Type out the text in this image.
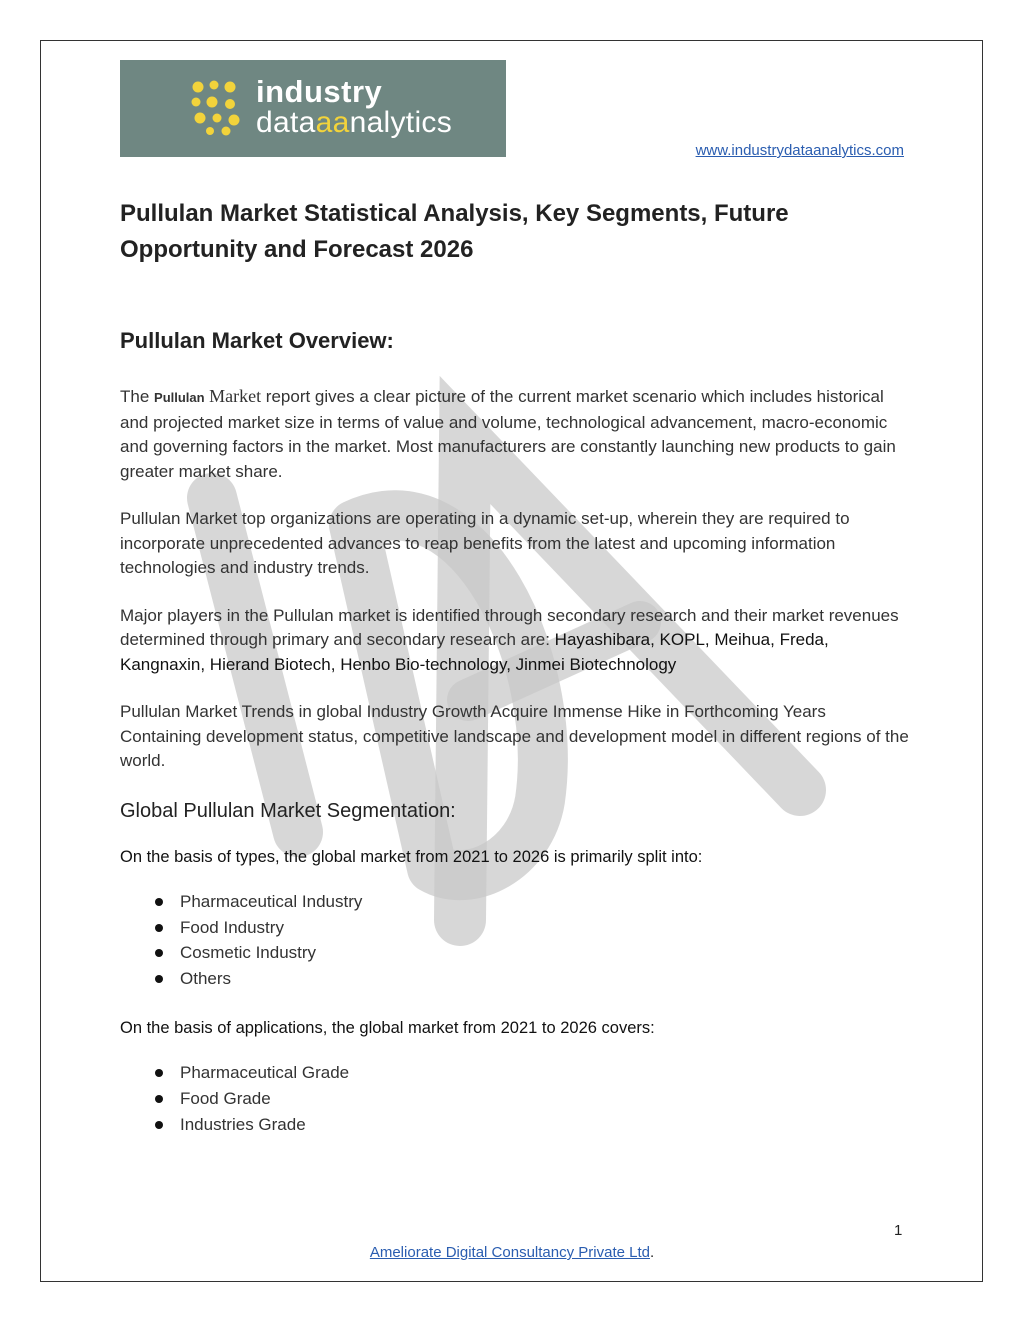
industry
dataaanalytics
www.industrydataanalytics.com
Pullulan Market Statistical Analysis, Key Segments, Future Opportunity and Forecast 2026
Pullulan Market Overview:

The Pullulan Market report gives a clear picture of the current market scenario which includes historical and projected market size in terms of value and volume, technological advancement, macro-economic and governing factors in the market. Most manufacturers are constantly launching new products to gain greater market share.

Pullulan Market top organizations are operating in a dynamic set-up, wherein they are required to incorporate unprecedented advances to reap benefits from the latest and upcoming information technologies and industry trends.

Major players in the Pullulan market is identified through secondary research and their market revenues determined through primary and secondary research are: Hayashibara, KOPL, Meihua, Freda, Kangnaxin, Hierand Biotech, Henbo Bio-technology, Jinmei Biotechnology

Pullulan Market Trends in global Industry Growth Acquire Immense Hike in Forthcoming Years Containing development status, competitive landscape and development model in different regions of the world.

Global Pullulan Market Segmentation:

On the basis of types, the global market from 2021 to 2026 is primarily split into:

Pharmaceutical Industry
Food Industry
Cosmetic Industry
Others

On the basis of applications, the global market from 2021 to 2026 covers:

Pharmaceutical Grade
Food Grade
Industries Grade
1
Ameliorate Digital Consultancy Private Ltd.
